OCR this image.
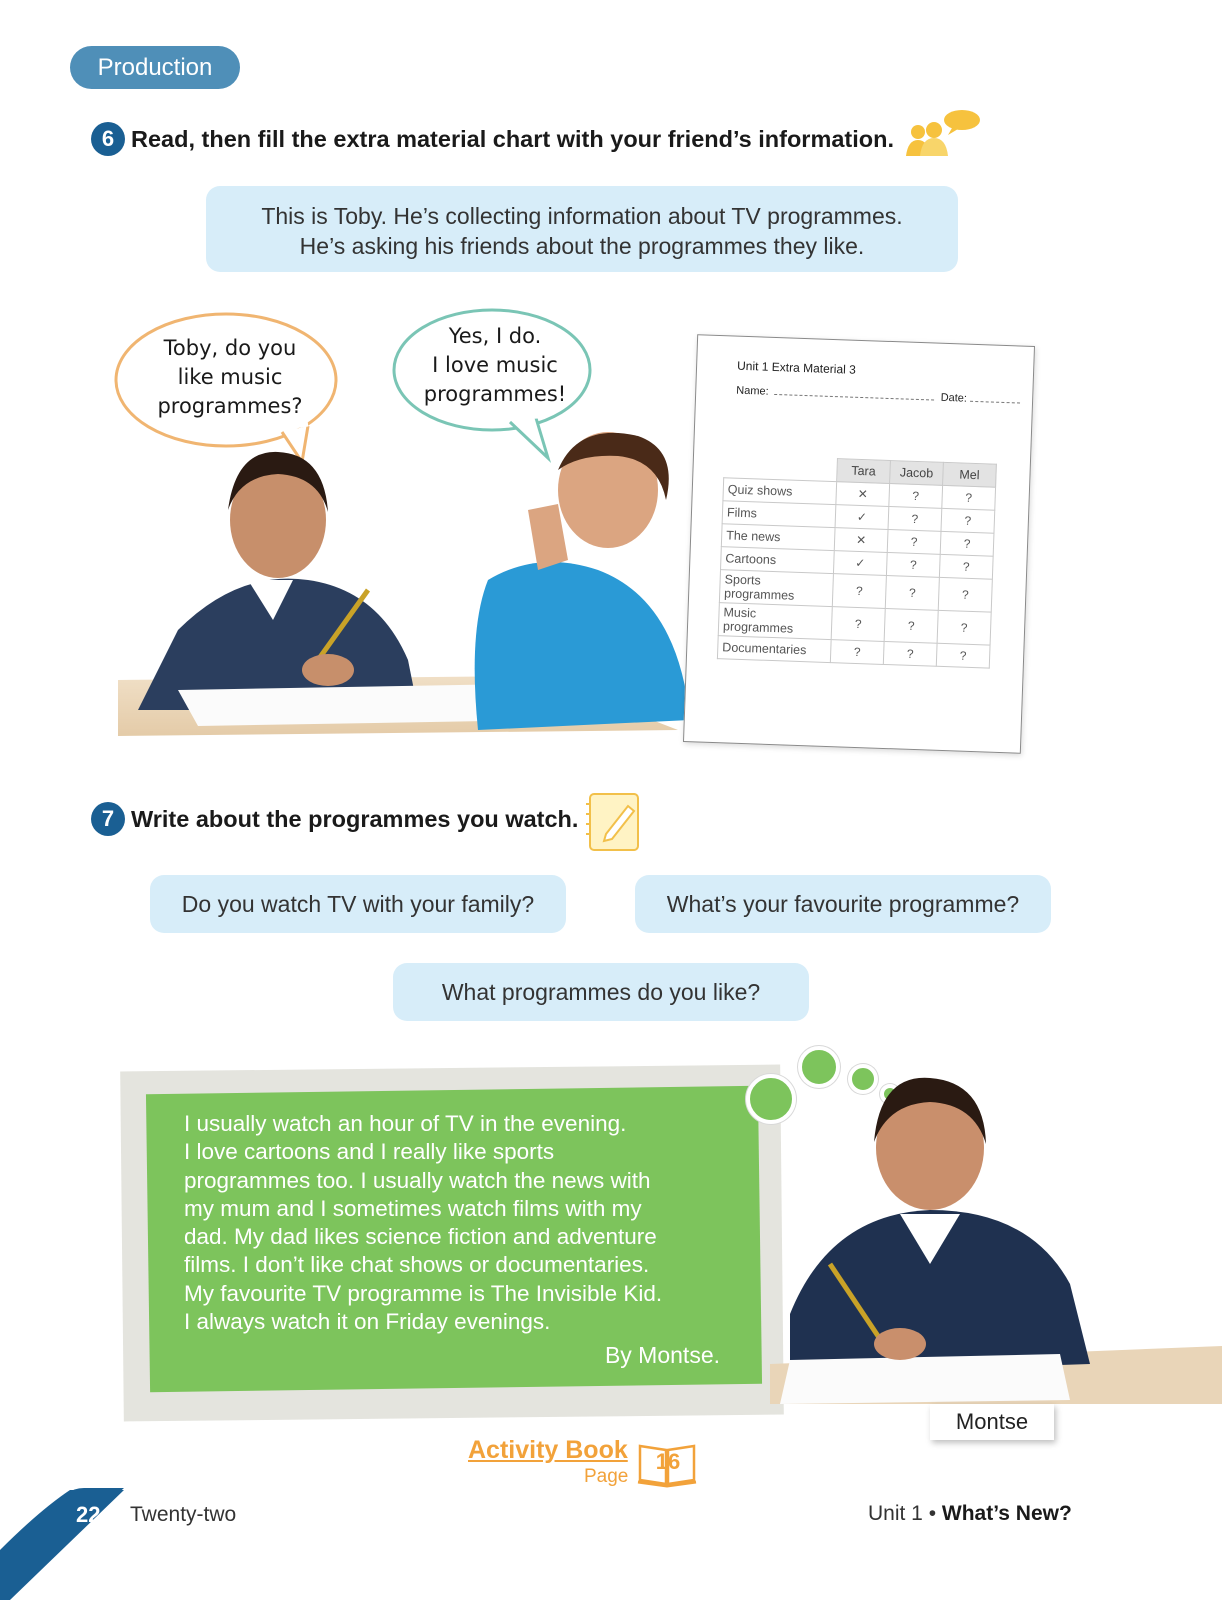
Production
6 Read, then fill the extra material chart with your friend’s information.
This is Toby. He’s collecting information about TV programmes.
He’s asking his friends about the programmes they like.
Toby, do you
like music
programmes?
Yes, I do.
I love music
programmes!
Unit 1 Extra Material 3
Name:  Date:
	Tara	Jacob	Mel
Quiz shows	✕	?	?
Films	✓	?	?
The news	✕	?	?
Cartoons	✓	?	?
Sports programmes	?	?	?
Music programmes	?	?	?
Documentaries	?	?	?
7 Write about the programmes you watch.
Do you watch TV with your family?	What’s your favourite programme?
What programmes do you like?
I usually watch an hour of TV in the evening.
I love cartoons and I really like sports
programmes too. I usually watch the news with
my mum and I sometimes watch films with my
dad. My dad likes science fiction and adventure
films. I don’t like chat shows or documentaries.
My favourite TV programme is The Invisible Kid.
I always watch it on Friday evenings.
By Montse.
Montse
Activity Book
Page
16
22 Twenty-two	Unit 1 • What’s New?
